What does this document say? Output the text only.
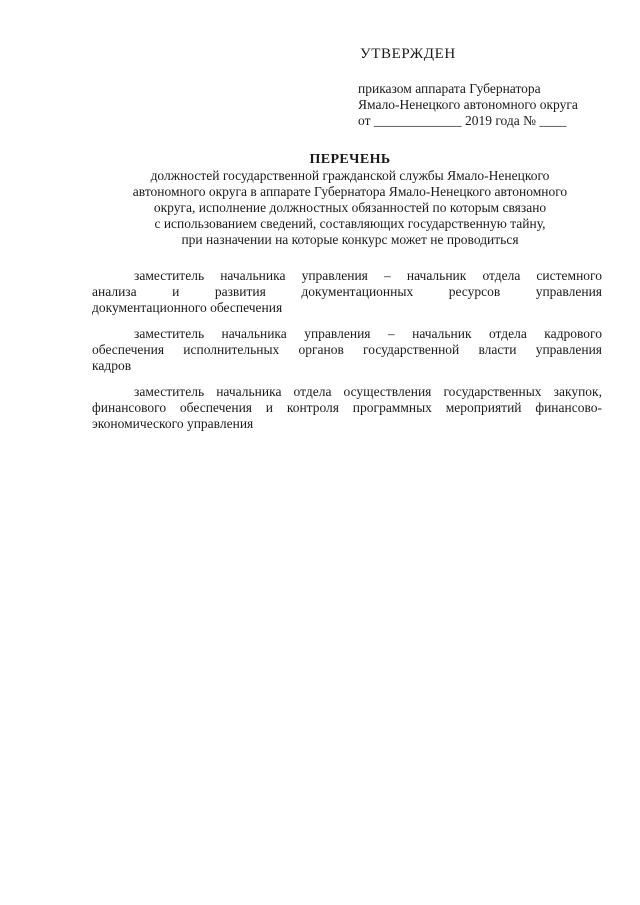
УТВЕРЖДЕН
приказом аппарата Губернатора
Ямало-Ненецкого автономного округа
от _____________ 2019 года № ____
ПЕРЕЧЕНЬ
должностей государственной гражданской службы Ямало-Ненецкого
автономного округа в аппарате Губернатора Ямало-Ненецкого автономного
округа, исполнение должностных обязанностей по которым связано
с использованием сведений, составляющих государственную тайну,
при назначении на которые конкурс может не проводиться
заместитель начальника управления – начальник отдела системного
анализа и развития документационных ресурсов управления
документационного обеспечения
заместитель начальника управления – начальник отдела кадрового
обеспечения исполнительных органов государственной власти управления
кадров
заместитель начальника отдела осуществления государственных закупок,
финансового обеспечения и контроля программных мероприятий финансово-
экономического управления
